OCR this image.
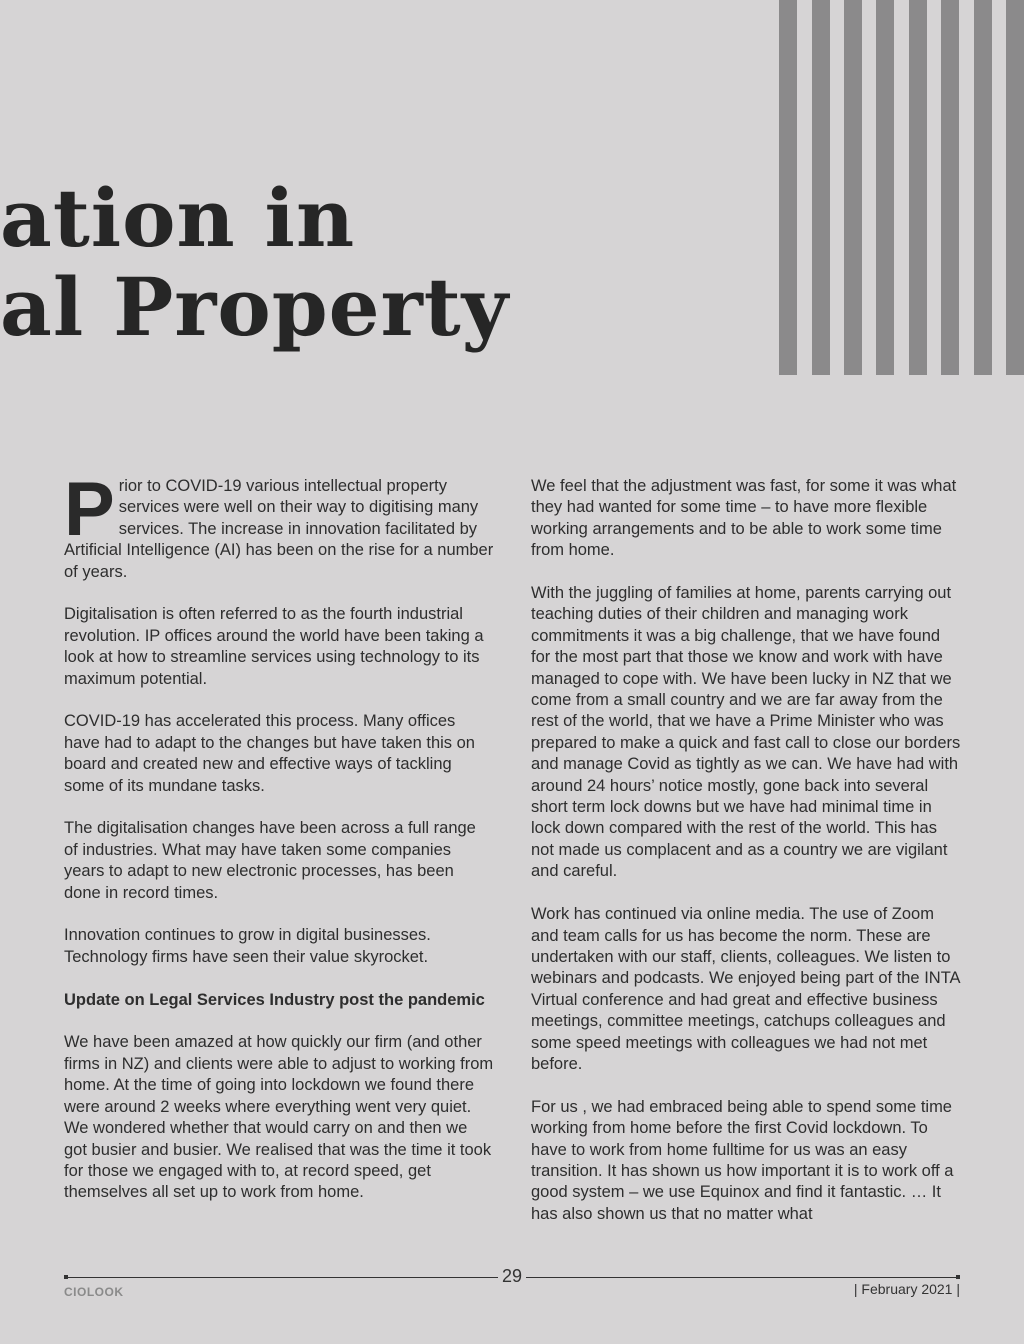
ation in
al Property

Prior to COVID-19 various intellectual property services were well on their way to digitising many services. The increase in innovation facilitated by Artificial Intelligence (AI) has been on the rise for a number of years.

Digitalisation is often referred to as the fourth industrial revolution. IP offices around the world have been taking a look at how to streamline services using technology to its maximum potential.

COVID-19 has accelerated this process. Many offices have had to adapt to the changes but have taken this on board and created new and effective ways of tackling some of its mundane tasks.

The digitalisation changes have been across a full range of industries. What may have taken some companies years to adapt to new electronic processes, has been done in record times.

Innovation continues to grow in digital businesses. Technology firms have seen their value skyrocket.

Update on Legal Services Industry post the pandemic

We have been amazed at how quickly our firm (and other firms in NZ) and clients were able to adjust to working from home. At the time of going into lockdown we found there were around 2 weeks where everything went very quiet. We wondered whether that would carry on and then we got busier and busier. We realised that was the time it took for those we engaged with to, at record speed, get themselves all set up to work from home.

We feel that the adjustment was fast, for some it was what they had wanted for some time – to have more flexible working arrangements and to be able to work some time from home.

With the juggling of families at home, parents carrying out teaching duties of their children and managing work commitments it was a big challenge, that we have found for the most part that those we know and work with have managed to cope with. We have been lucky in NZ that we come from a small country and we are far away from the rest of the world, that we have a Prime Minister who was prepared to make a quick and fast call to close our borders and manage Covid as tightly as we can. We have had with around 24 hours’ notice mostly, gone back into several short term lock downs but we have had minimal time in lock down compared with the rest of the world. This has not made us complacent and as a country we are vigilant and careful.

Work has continued via online media. The use of Zoom and team calls for us has become the norm. These are undertaken with our staff, clients, colleagues. We listen to webinars and podcasts. We enjoyed being part of the INTA Virtual conference and had great and effective business meetings, committee meetings, catchups colleagues and some speed meetings with colleagues we had not met before.

For us , we had embraced being able to spend some time working from home before the first Covid lockdown. To have to work from home fulltime for us was an easy transition. It has shown us how important it is to work off a good system – we use Equinox and find it fantastic. … It has also shown us that no matter what

29
CIOLOOK	| February 2021 |
